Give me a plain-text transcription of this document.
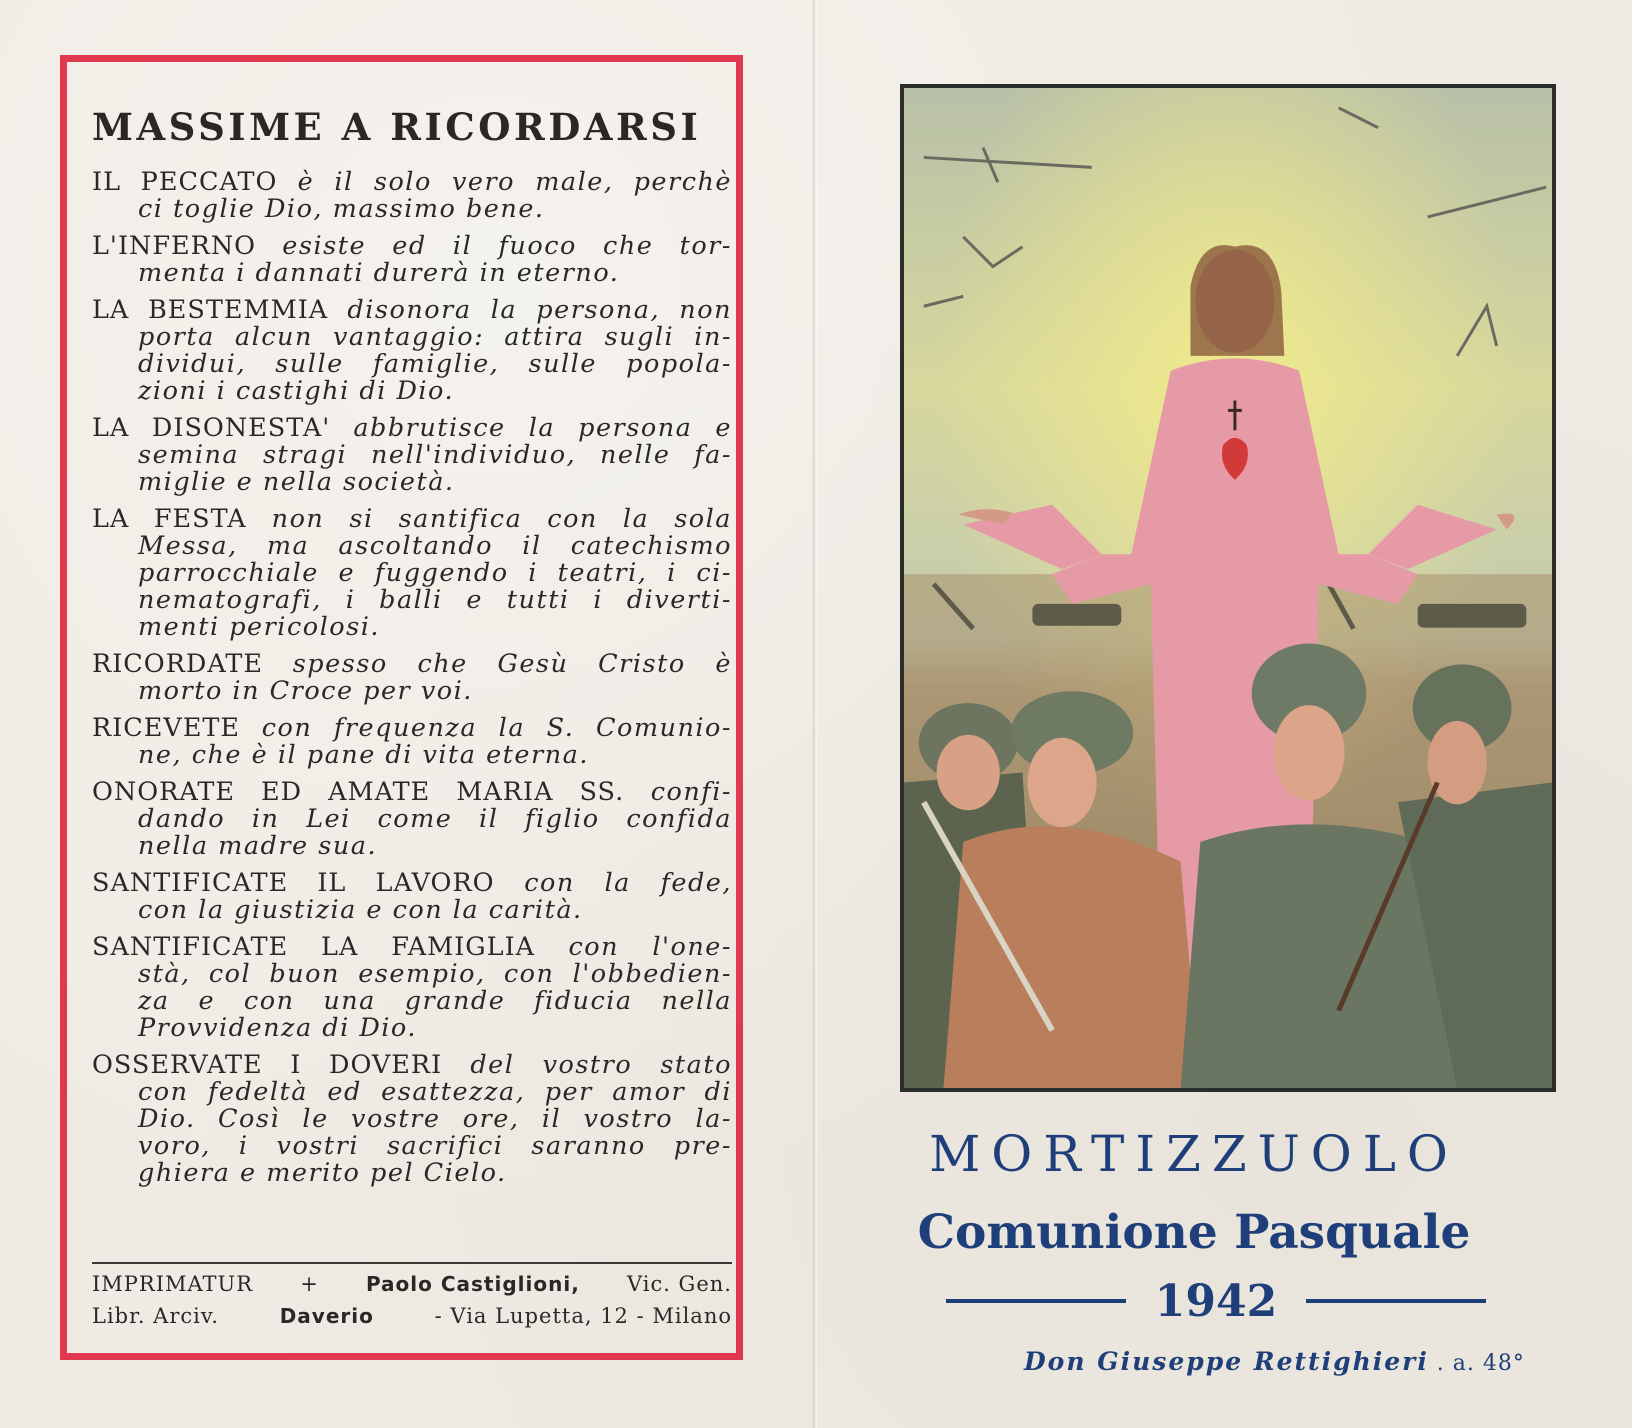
MASSIME A RICORDARSI
IL PECCATO è il solo vero male, perchè
ci toglie Dio, massimo bene.
L'INFERNO esiste ed il fuoco che tor-
menta i dannati durerà in eterno.
LA BESTEMMIA disonora la persona, non
porta alcun vantaggio: attira sugli in-
dividui, sulle famiglie, sulle popola-
zioni i castighi di Dio.
LA DISONESTA' abbrutisce la persona e
semina stragi nell'individuo, nelle fa-
miglie e nella società.
LA FESTA non si santifica con la sola
Messa, ma ascoltando il catechismo
parrocchiale e fuggendo i teatri, i ci-
nematografi, i balli e tutti i diverti-
menti pericolosi.
RICORDATE spesso che Gesù Cristo è
morto in Croce per voi.
RICEVETE con frequenza la S. Comunio-
ne, che è il pane di vita eterna.
ONORATE ED AMATE MARIA SS. confi-
dando in Lei come il figlio confida
nella madre sua.
SANTIFICATE IL LAVORO con la fede,
con la giustizia e con la carità.
SANTIFICATE LA FAMIGLIA con l'one-
stà, col buon esempio, con l'obbedien-
za e con una grande fiducia nella
Provvidenza di Dio.
OSSERVATE I DOVERI del vostro stato
con fedeltà ed esattezza, per amor di
Dio. Così le vostre ore, il vostro la-
voro, i vostri sacrifici saranno pre-
ghiera e merito pel Cielo.
IMPRIMATUR + Paolo Castiglioni, Vic. Gen.
Libr. Arciv.	Daverio	- Via Lupetta, 12 - Milano
MORTIZZUOLO
Comunione Pasquale
1942
Don Giuseppe Rettighieri . a. 48°
